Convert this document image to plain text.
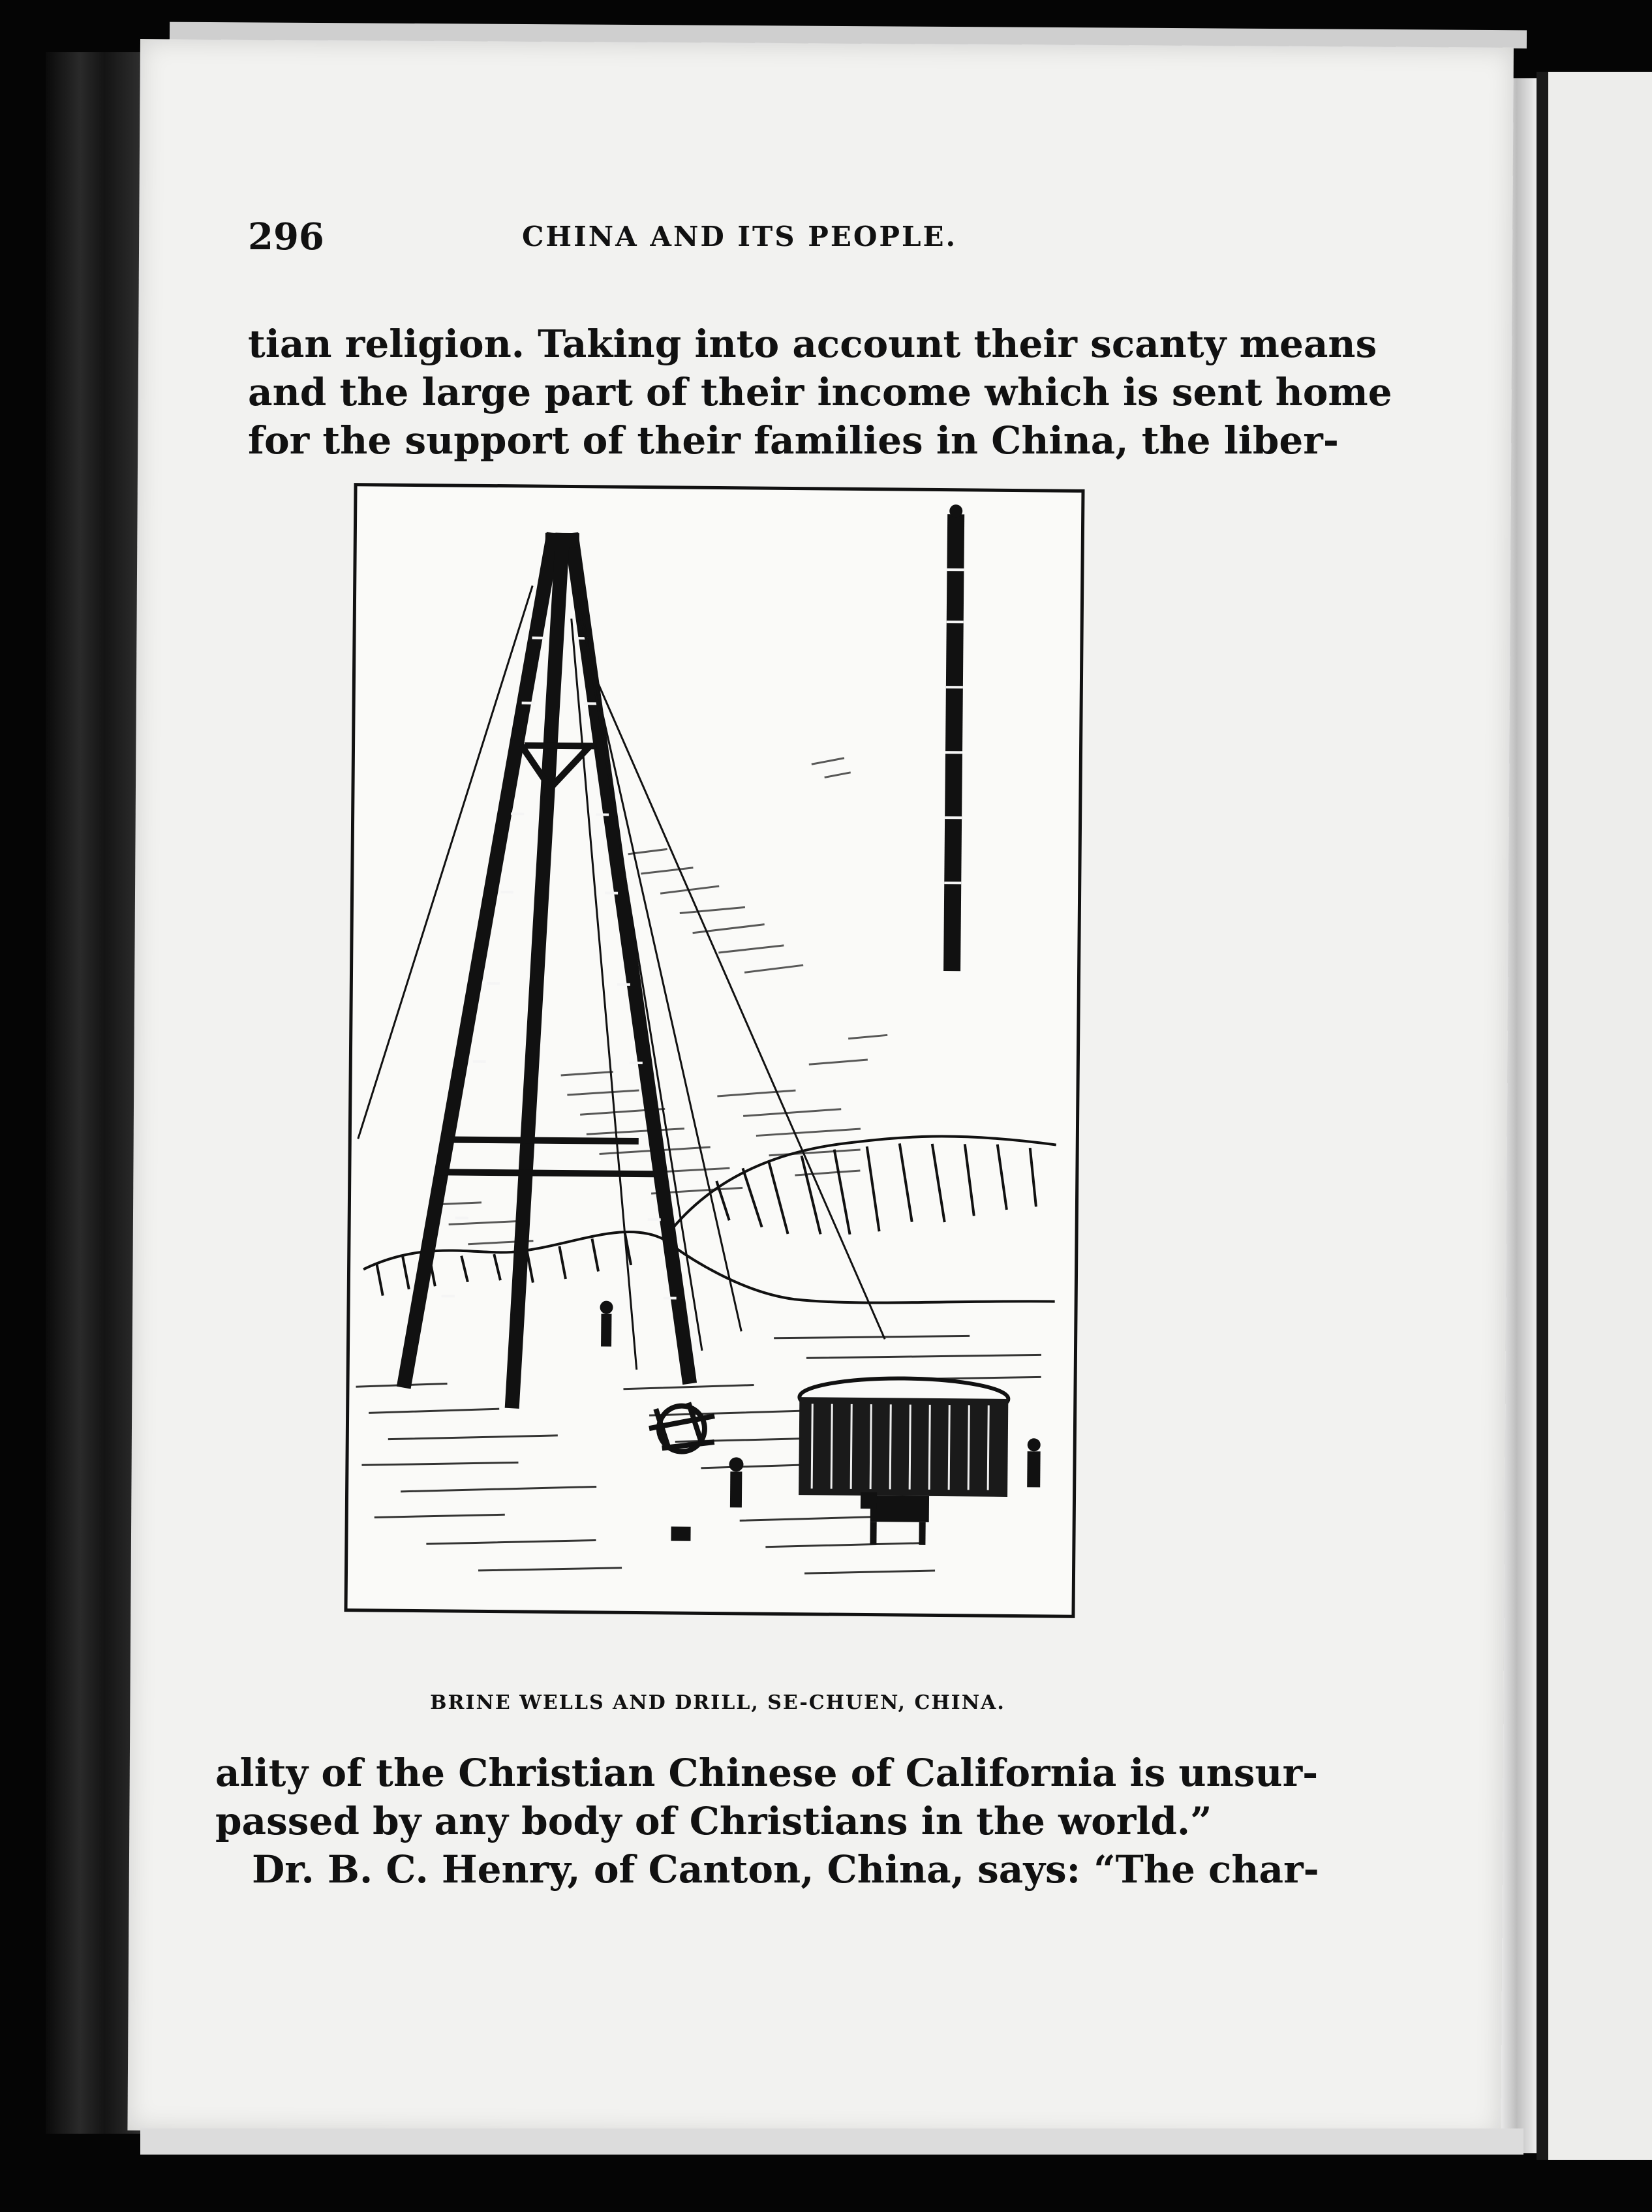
296	CHINA AND ITS PEOPLE.
tian religion. Taking into account their scanty means
and the large part of their income which is sent home
for the support of their families in China, the liber-
BRINE WELLS AND DRILL, SE-CHUEN, CHINA.
ality of the Christian Chinese of California is unsur-
passed by any body of Christians in the world.”
Dr. B. C. Henry, of Canton, China, says: “The char-
